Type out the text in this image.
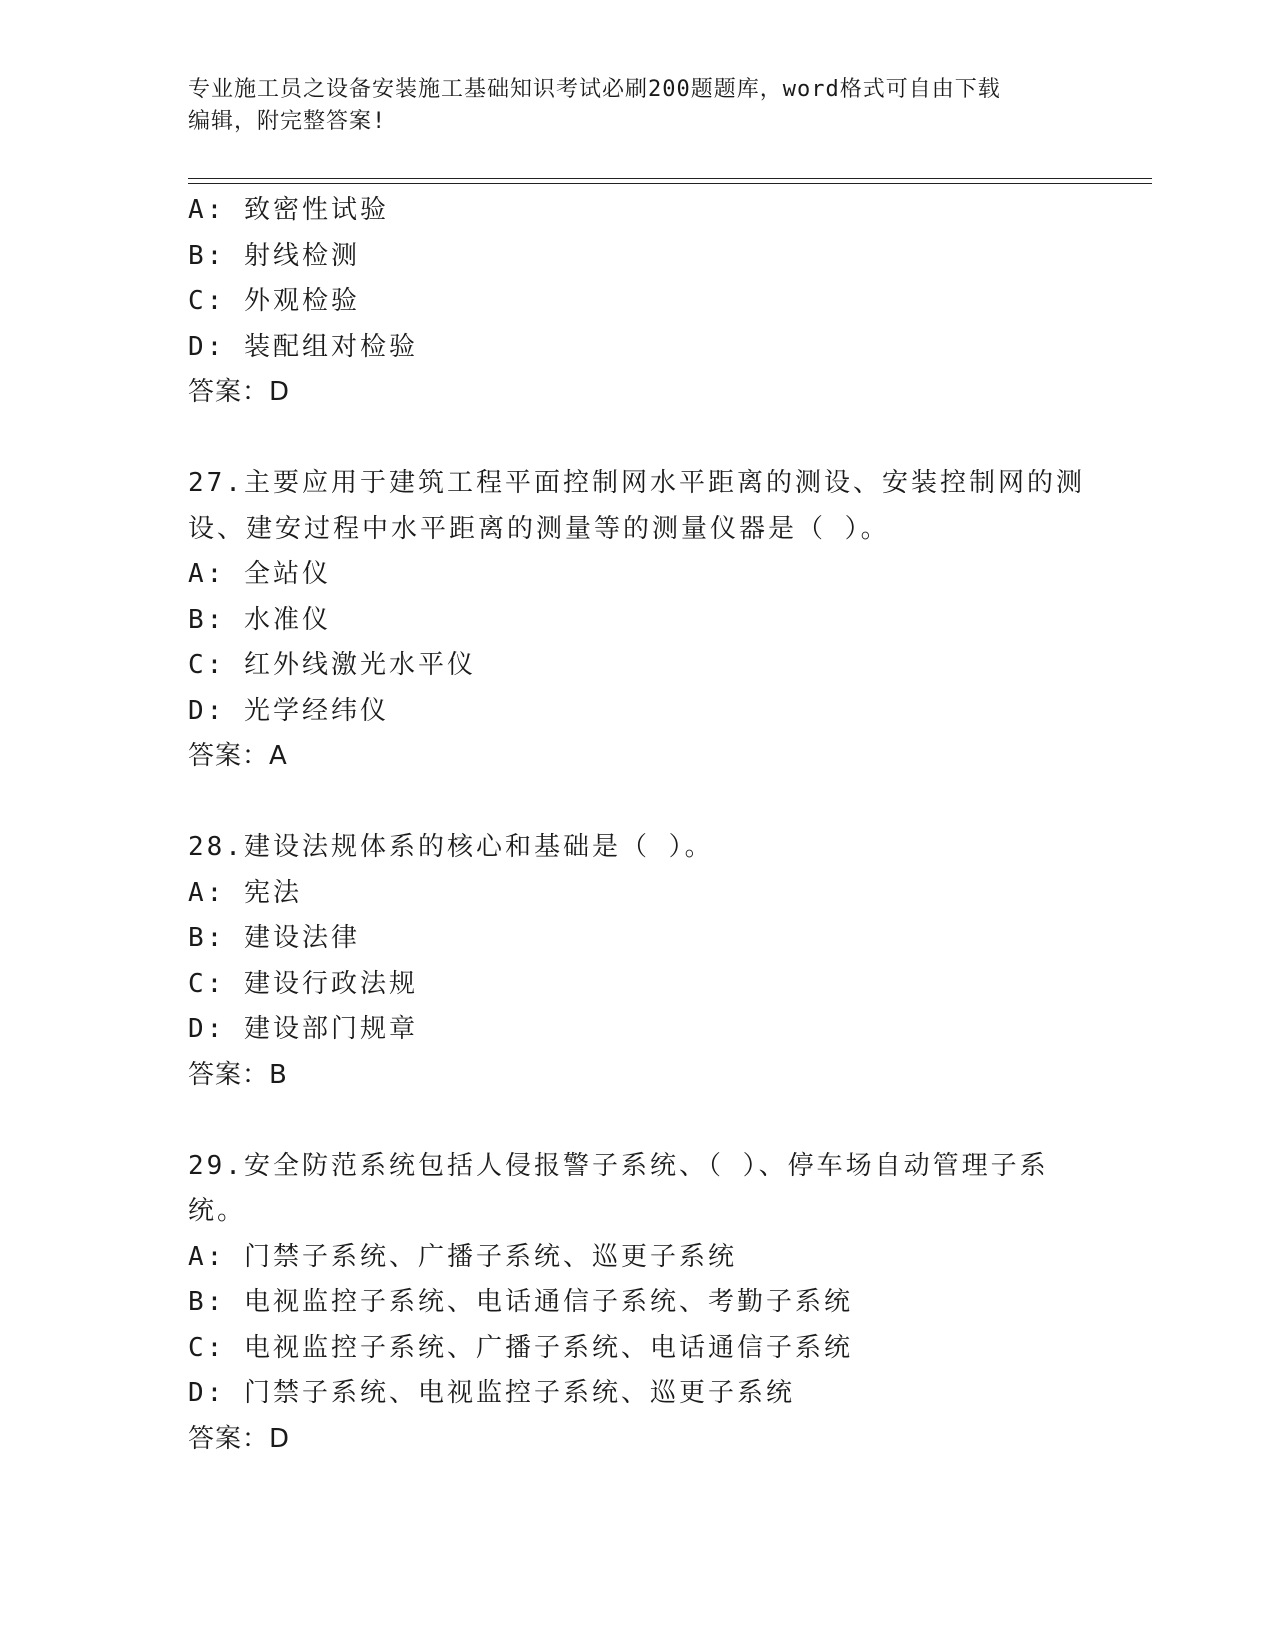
专业施工员之设备安装施工基础知识考试必刷200题题库，word格式可自由下载
编辑，附完整答案!
A: 致密性试验
B: 射线检测
C: 外观检验
D: 装配组对检验
答案：D
27.主要应用于建筑工程平面控制网水平距离的测设、安装控制网的测
设、建安过程中水平距离的测量等的测量仪器是（ ）。
A: 全站仪
B: 水准仪
C: 红外线激光水平仪
D: 光学经纬仪
答案：A
28.建设法规体系的核心和基础是（ ）。
A: 宪法
B: 建设法律
C: 建设行政法规
D: 建设部门规章
答案：B
29.安全防范系统包括人侵报警子系统、（ ）、停车场自动管理子系
统。
A: 门禁子系统、广播子系统、巡更子系统
B: 电视监控子系统、电话通信子系统、考勤子系统
C: 电视监控子系统、广播子系统、电话通信子系统
D: 门禁子系统、电视监控子系统、巡更子系统
答案：D
